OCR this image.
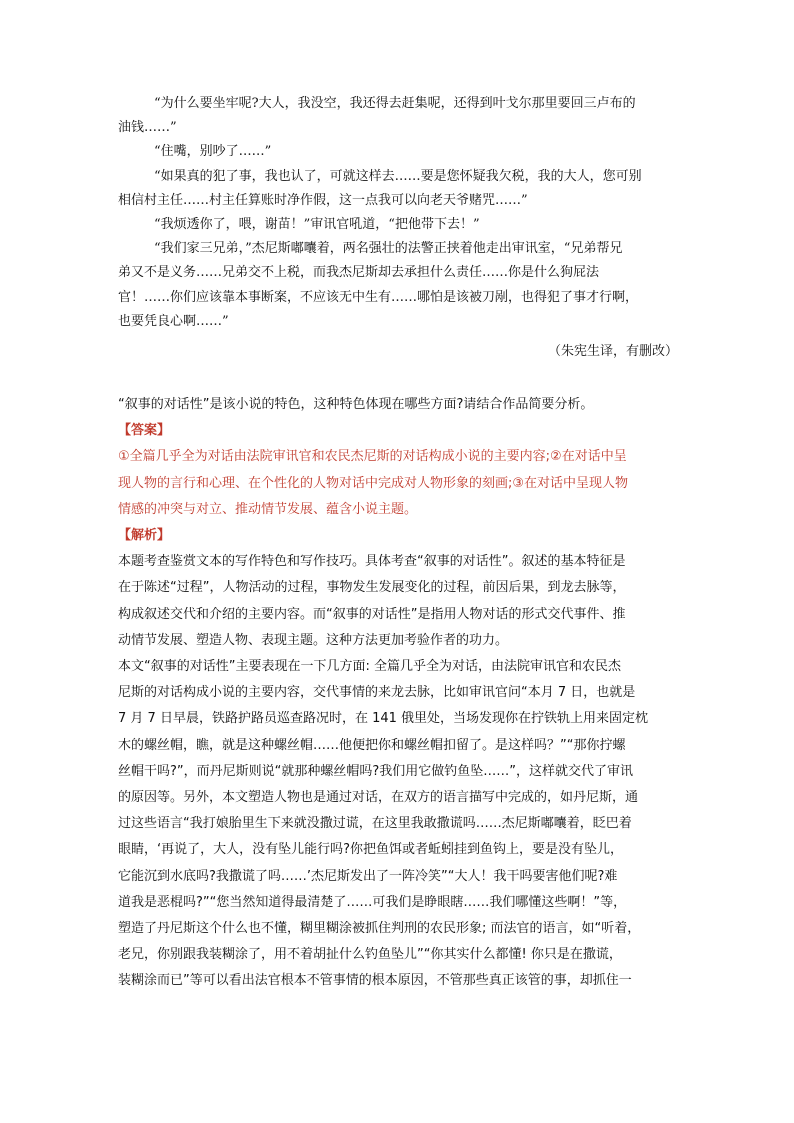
“为什么要坐牢呢?大人，我没空，我还得去赶集呢，还得到叶戈尔那里要回三卢布的

油钱……”

“住嘴，别吵了……”

“如果真的犯了事，我也认了，可就这样去……要是您怀疑我欠税，我的大人，您可别

相信村主任……村主任算账时净作假，这一点我可以向老天爷赌咒……”

“我烦透你了，喂，谢苗！”审讯官吼道，“把他带下去！”

“我们家三兄弟，”杰尼斯嘟囔着，两名强壮的法警正挟着他走出审讯室，“兄弟帮兄

弟又不是义务……兄弟交不上税，而我杰尼斯却去承担什么责任……你是什么狗屁法

官！……你们应该靠本事断案，不应该无中生有……哪怕是该被刀剐，也得犯了事才行啊，

也要凭良心啊……”

（朱宪生译，有删改）

“叙事的对话性”是该小说的特色，这种特色体现在哪些方面?请结合作品简要分析。

【答案】

①全篇几乎全为对话由法院审讯官和农民杰尼斯的对话构成小说的主要内容;②在对话中呈

现人物的言行和心理、在个性化的人物对话中完成对人物形象的刻画;③在对话中呈现人物

情感的冲突与对立、推动情节发展、蕴含小说主题。

【解析】

本题考查鉴赏文本的写作特色和写作技巧。具体考查“叙事的对话性”。叙述的基本特征是

在于陈述“过程”，人物活动的过程，事物发生发展变化的过程，前因后果，到龙去脉等，

构成叙述交代和介绍的主要内容。而“叙事的对话性”是指用人物对话的形式交代事件、推

动情节发展、塑造人物、表现主题。这种方法更加考验作者的功力。

本文“叙事的对话性”主要表现在一下几方面: 全篇几乎全为对话，由法院审讯官和农民杰

尼斯的对话构成小说的主要内容，交代事情的来龙去脉，比如审讯官问“本月 7 日，也就是

7 月 7 日早晨，铁路护路员巡查路况时，在 141 俄里处，当场发现你在拧铁轨上用来固定枕

木的螺丝帽，瞧，就是这种螺丝帽……他便把你和螺丝帽扣留了。是这样吗？”“那你拧螺

丝帽干吗?”，而丹尼斯则说“就那种螺丝帽吗?我们用它做钓鱼坠……”，这样就交代了审讯

的原因等。另外，本文塑造人物也是通过对话，在双方的语言描写中完成的，如丹尼斯，通

过这些语言“我打娘胎里生下来就没撒过谎，在这里我敢撒谎吗……杰尼斯嘟囔着，眨巴着

眼睛，‘再说了，大人，没有坠儿能行吗?你把鱼饵或者蚯蚓挂到鱼钩上，要是没有坠儿，

它能沉到水底吗?我撒谎了吗……’杰尼斯发出了一阵冷笑”“大人！我干吗要害他们呢?难

道我是恶棍吗?”“您当然知道得最清楚了……可我们是睁眼瞎……我们哪懂这些啊！”等，

塑造了丹尼斯这个什么也不懂，糊里糊涂被抓住判刑的农民形象; 而法官的语言，如“听着，

老兄，你别跟我装糊涂了，用不着胡扯什么钓鱼坠儿”“你其实什么都懂! 你只是在撒谎，

装糊涂而已”等可以看出法官根本不管事情的根本原因，不管那些真正该管的事，却抓住一
